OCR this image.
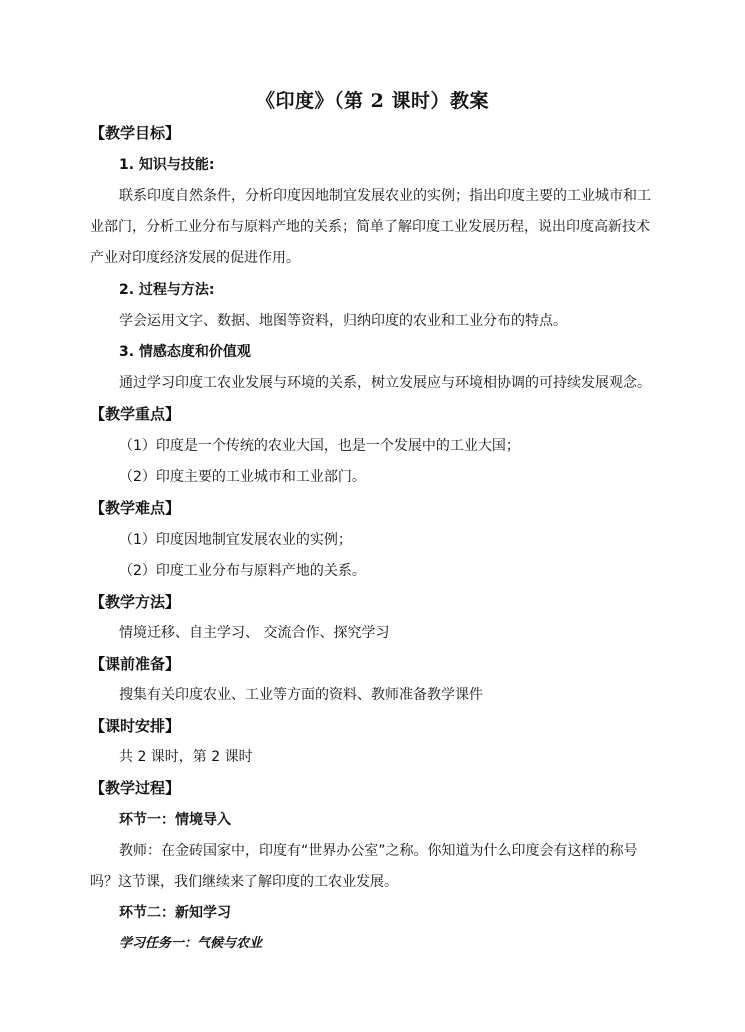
《印度》（第 2 课时）教案
【教学目标】
1. 知识与技能:
联系印度自然条件，分析印度因地制宜发展农业的实例；指出印度主要的工业城市和工
业部门，分析工业分布与原料产地的关系；简单了解印度工业发展历程，说出印度高新技术
产业对印度经济发展的促进作用。
2. 过程与方法:
学会运用文字、数据、地图等资料，归纳印度的农业和工业分布的特点。
3. 情感态度和价值观
通过学习印度工农业发展与环境的关系，树立发展应与环境相协调的可持续发展观念。
【教学重点】
（1）印度是一个传统的农业大国，也是一个发展中的工业大国；
（2）印度主要的工业城市和工业部门。
【教学难点】
（1）印度因地制宜发展农业的实例；
（2）印度工业分布与原料产地的关系。
【教学方法】
情境迁移、自主学习、 交流合作、探究学习
【课前准备】
搜集有关印度农业、工业等方面的资料、教师准备教学课件
【课时安排】
共 2 课时，第 2 课时
【教学过程】
环节一：情境导入
教师：在金砖国家中，印度有“世界办公室”之称。你知道为什么印度会有这样的称号
吗？这节课，我们继续来了解印度的工农业发展。
环节二：新知学习
学习任务一：气候与农业
